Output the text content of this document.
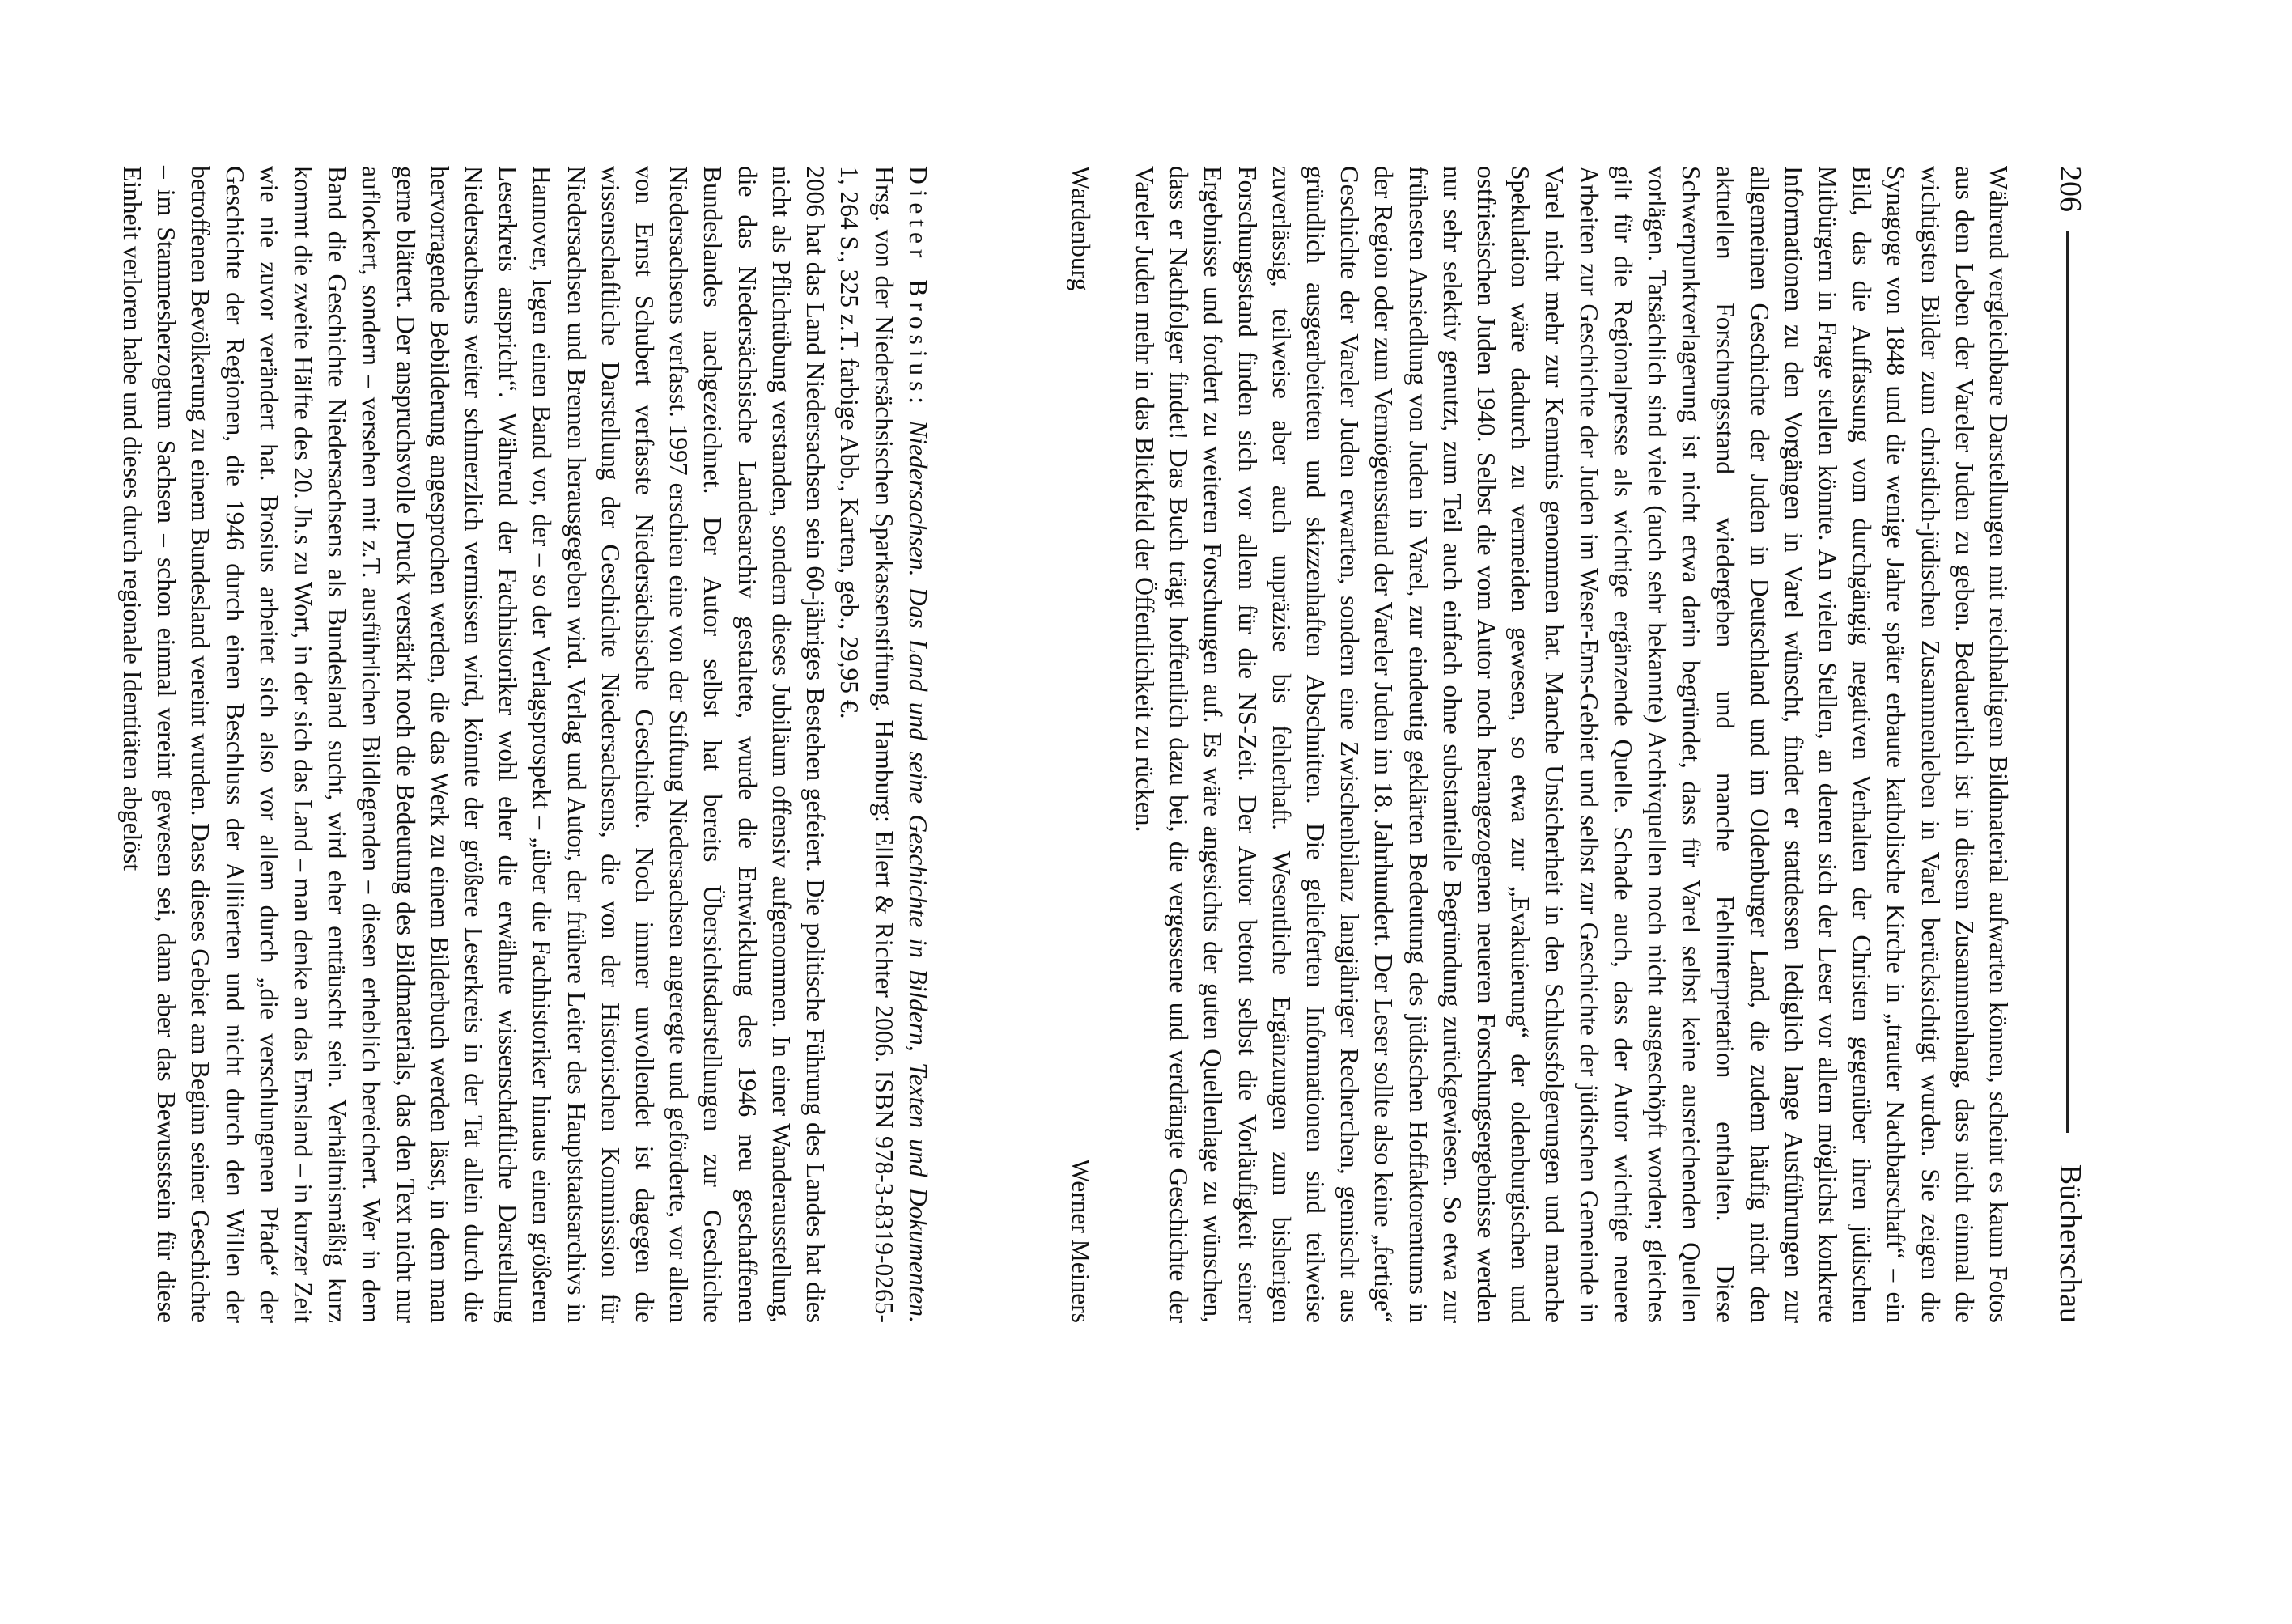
206
Bücherschau

Während vergleichbare Darstellungen mit reichhaltigem Bildmaterial aufwarten können, scheint es kaum Fotos aus dem Leben der Vareler Juden zu geben. Bedauerlich ist in diesem Zusammenhang, dass nicht einmal die wichtigsten Bilder zum christlich-jüdischen Zusammenleben in Varel berücksichtigt wurden. Sie zeigen die Synagoge von 1848 und die wenige Jahre später erbaute katholische Kirche in „trauter Nachbarschaft“ – ein Bild, das die Auffassung vom durchgängig negativen Verhalten der Christen gegenüber ihren jüdischen Mitbürgern in Frage stellen könnte. An vielen Stellen, an denen sich der Leser vor allem möglichst konkrete Informationen zu den Vorgängen in Varel wünscht, findet er stattdessen lediglich lange Ausführungen zur allgemeinen Geschichte der Juden in Deutschland und im Oldenburger Land, die zudem häufig nicht den aktuellen Forschungsstand wiedergeben und manche Fehlinterpretation enthalten. Diese Schwerpunktverlagerung ist nicht etwa darin begründet, dass für Varel selbst keine ausreichenden Quellen vorlägen. Tatsächlich sind viele (auch sehr bekannte) Archivquellen noch nicht ausgeschöpft worden; gleiches gilt für die Regionalpresse als wichtige ergänzende Quelle. Schade auch, dass der Autor wichtige neuere Arbeiten zur Geschichte der Juden im Weser-Ems-Gebiet und selbst zur Geschichte der jüdischen Gemeinde in Varel nicht mehr zur Kenntnis genommen hat. Manche Unsicherheit in den Schlussfolgerungen und manche Spekulation wäre dadurch zu vermeiden gewesen, so etwa zur „Evakuierung“ der oldenburgischen und ostfriesischen Juden 1940. Selbst die vom Autor noch herangezogenen neueren Forschungsergebnisse werden nur sehr selektiv genutzt, zum Teil auch einfach ohne substantielle Begründung zurückgewiesen. So etwa zur frühesten Ansiedlung von Juden in Varel, zur eindeutig geklärten Bedeutung des jüdischen Hoffaktorentums in der Region oder zum Vermögensstand der Vareler Juden im 18. Jahrhundert. Der Leser sollte also keine „fertige“ Geschichte der Vareler Juden erwarten, sondern eine Zwischenbilanz langjähriger Recherchen, gemischt aus gründlich ausgearbeiteten und skizzenhaften Abschnitten. Die gelieferten Informationen sind teilweise zuverlässig, teilweise aber auch unpräzise bis fehlerhaft. Wesentliche Ergänzungen zum bisherigen Forschungsstand finden sich vor allem für die NS-Zeit. Der Autor betont selbst die Vorläufigkeit seiner Ergebnisse und fordert zu weiteren Forschungen auf. Es wäre angesichts der guten Quellenlage zu wünschen, dass er Nachfolger findet! Das Buch trägt hoffentlich dazu bei, die vergessene und verdrängte Geschichte der Vareler Juden mehr in das Blickfeld der Öffentlichkeit zu rücken.

Wardenburg
Werner Meiners

Dieter Brosius: Niedersachsen. Das Land und seine Geschichte in Bildern, Texten und Dokumenten. Hrsg. von der Niedersächsischen Sparkassenstiftung. Hamburg: Ellert & Richter 2006. ISBN 978-3-8319-0265-1, 264 S., 325 z.T. farbige Abb., Karten, geb., 29,95 €.

2006 hat das Land Niedersachsen sein 60-jähriges Bestehen gefeiert. Die politische Führung des Landes hat dies nicht als Pflichtübung verstanden, sondern dieses Jubiläum offensiv aufgenommen. In einer Wanderausstellung, die das Niedersächsische Landesarchiv gestaltete, wurde die Entwicklung des 1946 neu geschaffenen Bundeslandes nachgezeichnet. Der Autor selbst hat bereits Übersichtsdarstellungen zur Geschichte Niedersachsens verfasst. 1997 erschien eine von der Stiftung Niedersachsen angeregte und geförderte, vor allem von Ernst Schubert verfasste Niedersächsische Geschichte. Noch immer unvollendet ist dagegen die wissenschaftliche Darstellung der Geschichte Niedersachsens, die von der Historischen Kommission für Niedersachsen und Bremen herausgegeben wird. Verlag und Autor, der frühere Leiter des Hauptstaatsarchivs in Hannover, legen einen Band vor, der – so der Verlagsprospekt – „über die Fachhistoriker hinaus einen größeren Leserkreis anspricht“. Während der Fachhistoriker wohl eher die erwähnte wissenschaftliche Darstellung Niedersachsens weiter schmerzlich vermissen wird, könnte der größere Leserkreis in der Tat allein durch die hervorragende Bebilderung angesprochen werden, die das Werk zu einem Bilderbuch werden lässt, in dem man gerne blättert. Der anspruchsvolle Druck verstärkt noch die Bedeutung des Bildmaterials, das den Text nicht nur auflockert, sondern – versehen mit z.T. ausführlichen Bildlegenden – diesen erheblich bereichert. Wer in dem Band die Geschichte Niedersachsens als Bundesland sucht, wird eher enttäuscht sein. Verhältnismäßig kurz kommt die zweite Hälfte des 20. Jh.s zu Wort, in der sich das Land – man denke an das Emsland – in kurzer Zeit wie nie zuvor verändert hat. Brosius arbeitet sich also vor allem durch „die verschlungenen Pfade“ der Geschichte der Regionen, die 1946 durch einen Beschluss der Alliierten und nicht durch den Willen der betroffenen Bevölkerung zu einem Bundesland vereint wurden. Dass dieses Gebiet am Beginn seiner Geschichte – im Stammesherzogtum Sachsen – schon einmal vereint gewesen sei, dann aber das Bewusstsein für diese Einheit verloren habe und dieses durch regionale Identitäten abgelöst
